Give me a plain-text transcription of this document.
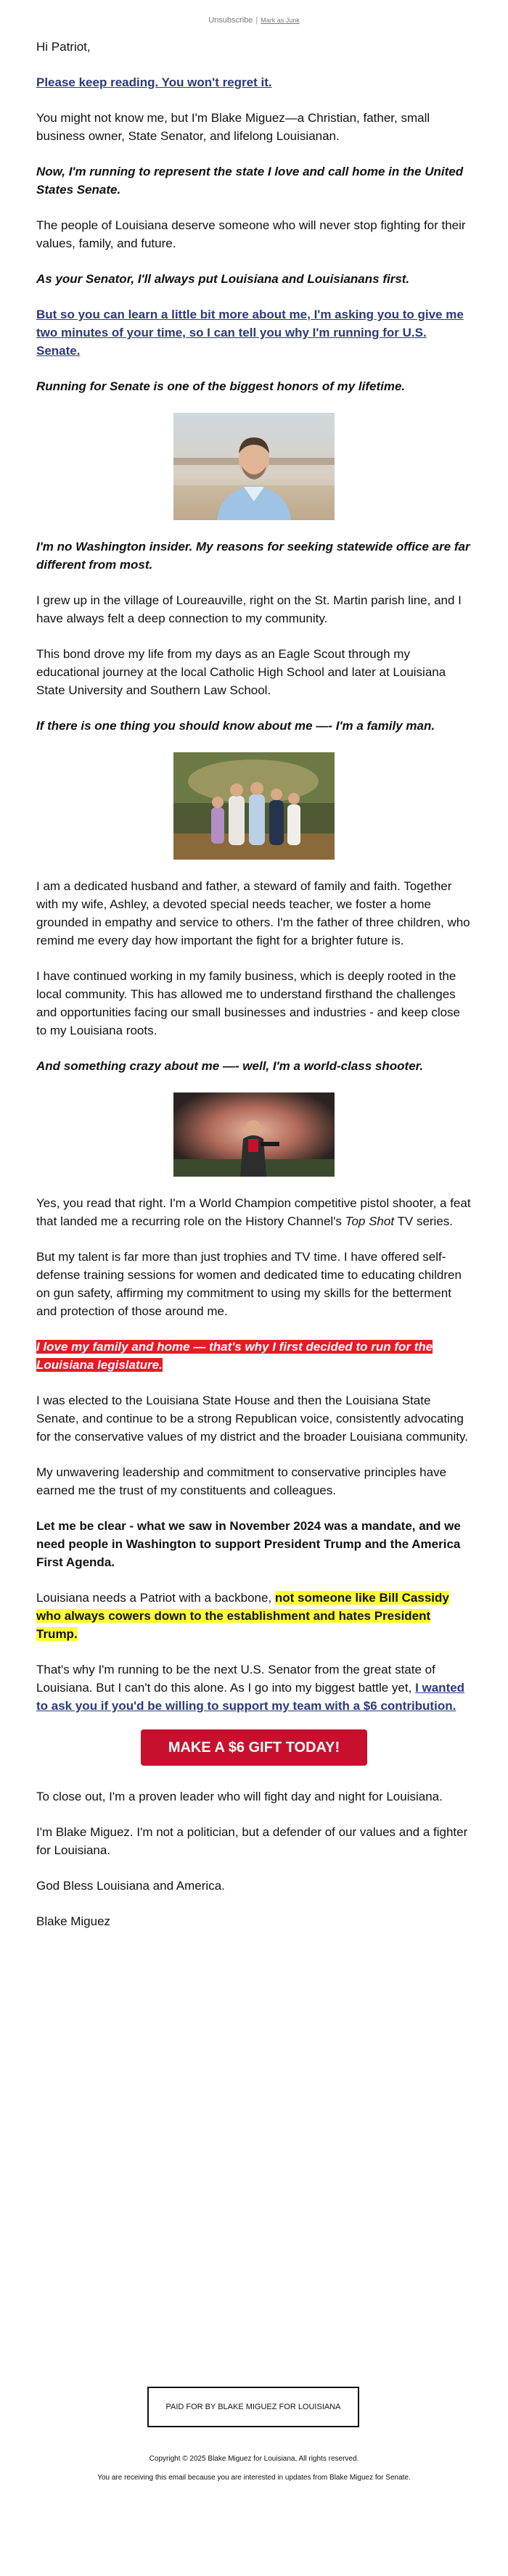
Unsubscribe | Mark as Junk

Hi Patriot,

Please keep reading. You won't regret it.

You might not know me, but I'm Blake Miguez—a Christian, father, small business owner, State Senator, and lifelong Louisianan.

Now, I'm running to represent the state I love and call home in the United States Senate.

The people of Louisiana deserve someone who will never stop fighting for their values, family, and future.

As your Senator, I'll always put Louisiana and Louisianans first.

But so you can learn a little bit more about me, I'm asking you to give me two minutes of your time, so I can tell you why I'm running for U.S. Senate.

Running for Senate is one of the biggest honors of my lifetime.

I'm no Washington insider. My reasons for seeking statewide office are far different from most.

I grew up in the village of Loureauville, right on the St. Martin parish line, and I have always felt a deep connection to my community.

This bond drove my life from my days as an Eagle Scout through my educational journey at the local Catholic High School and later at Louisiana State University and Southern Law School.

If there is one thing you should know about me —- I'm a family man.

I am a dedicated husband and father, a steward of family and faith. Together with my wife, Ashley, a devoted special needs teacher, we foster a home grounded in empathy and service to others. I'm the father of three children, who remind me every day how important the fight for a brighter future is.

I have continued working in my family business, which is deeply rooted in the local community. This has allowed me to understand firsthand the challenges and opportunities facing our small businesses and industries - and keep close to my Louisiana roots.

And something crazy about me —- well, I'm a world-class shooter.

Yes, you read that right. I'm a World Champion competitive pistol shooter, a feat that landed me a recurring role on the History Channel's Top Shot TV series.

But my talent is far more than just trophies and TV time. I have offered self-defense training sessions for women and dedicated time to educating children on gun safety, affirming my commitment to using my skills for the betterment and protection of those around me.

I love my family and home — that's why I first decided to run for the Louisiana legislature.

I was elected to the Louisiana State House and then the Louisiana State Senate, and continue to be a strong Republican voice, consistently advocating for the conservative values of my district and the broader Louisiana community.

My unwavering leadership and commitment to conservative principles have earned me the trust of my constituents and colleagues.

Let me be clear - what we saw in November 2024 was a mandate, and we need people in Washington to support President Trump and the America First Agenda.

Louisiana needs a Patriot with a backbone, not someone like Bill Cassidy who always cowers down to the establishment and hates President Trump.

That's why I'm running to be the next U.S. Senator from the great state of Louisiana. But I can't do this alone. As I go into my biggest battle yet, I wanted to ask you if you'd be willing to support my team with a $6 contribution.

MAKE A $6 GIFT TODAY!

To close out, I'm a proven leader who will fight day and night for Louisiana.

I'm Blake Miguez. I'm not a politician, but a defender of our values and a fighter for Louisiana.

God Bless Louisiana and America.

Blake Miguez

PAID FOR BY BLAKE MIGUEZ FOR LOUISIANA
Copyright © 2025 Blake Miguez for Louisiana, All rights reserved.
You are receiving this email because you are interested in updates from Blake Miguez for Senate.
